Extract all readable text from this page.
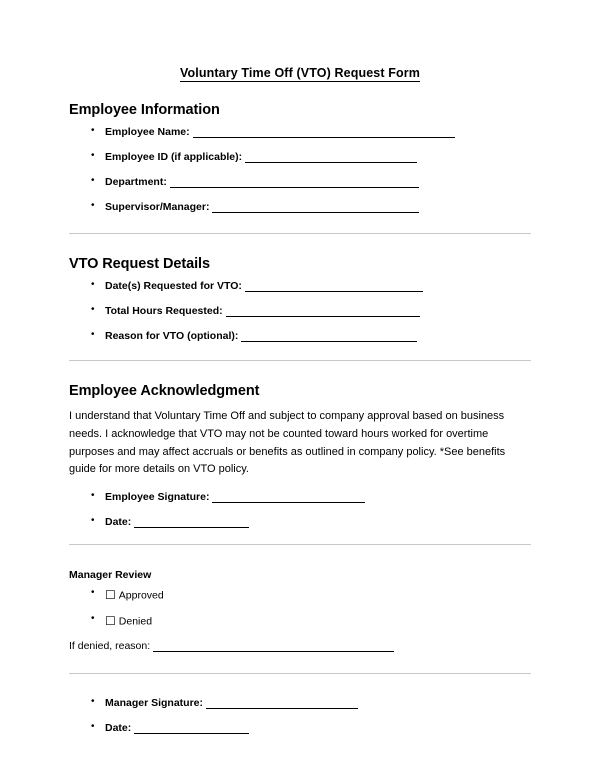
Voluntary Time Off (VTO) Request Form
Employee Information
• Employee Name:
• Employee ID (if applicable):
• Department:
• Supervisor/Manager:
VTO Request Details
• Date(s) Requested for VTO:
• Total Hours Requested:
• Reason for VTO (optional):
Employee Acknowledgment

I understand that Voluntary Time Off and subject to company approval based on business needs. I acknowledge that VTO may not be counted toward hours worked for overtime purposes and may affect accruals or benefits as outlined in company policy. *See benefits guide for more details on VTO policy.

• Employee Signature:
• Date:
Manager Review
• ☐ Approved
• ☐ Denied

If denied, reason:

• Manager Signature:
• Date:
